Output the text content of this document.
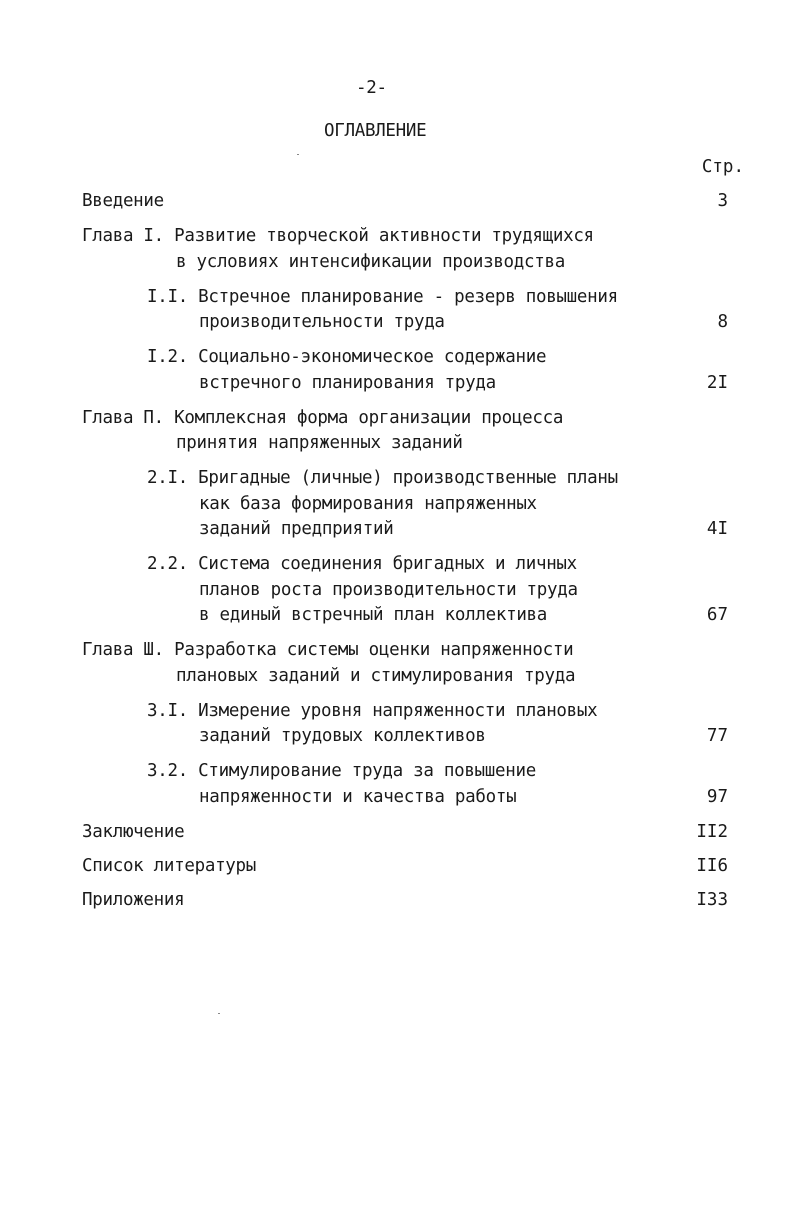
-2-
ОГЛАВЛЕНИЕ
Стр.
Введение	3
Глава I. Развитие творческой активности трудящихся
в условиях интенсификации производства
I.I. Встречное планирование - резерв повышения
производительности труда	8
I.2. Социально-экономическое содержание
встречного планирования труда	2I
Глава П. Комплексная форма организации процесса
принятия напряженных заданий
2.I. Бригадные (личные) производственные планы
как база формирования напряженных
заданий предприятий	4I
2.2. Система соединения бригадных и личных
планов роста производительности труда
в единый встречный план коллектива	67
Глава Ш. Разработка системы оценки напряженности
плановых заданий и стимулирования труда
3.I. Измерение уровня напряженности плановых
заданий трудовых коллективов	77
3.2. Стимулирование труда за повышение
напряженности и качества работы	97
Заключение	II2
Список литературы	II6
Приложения	I33
